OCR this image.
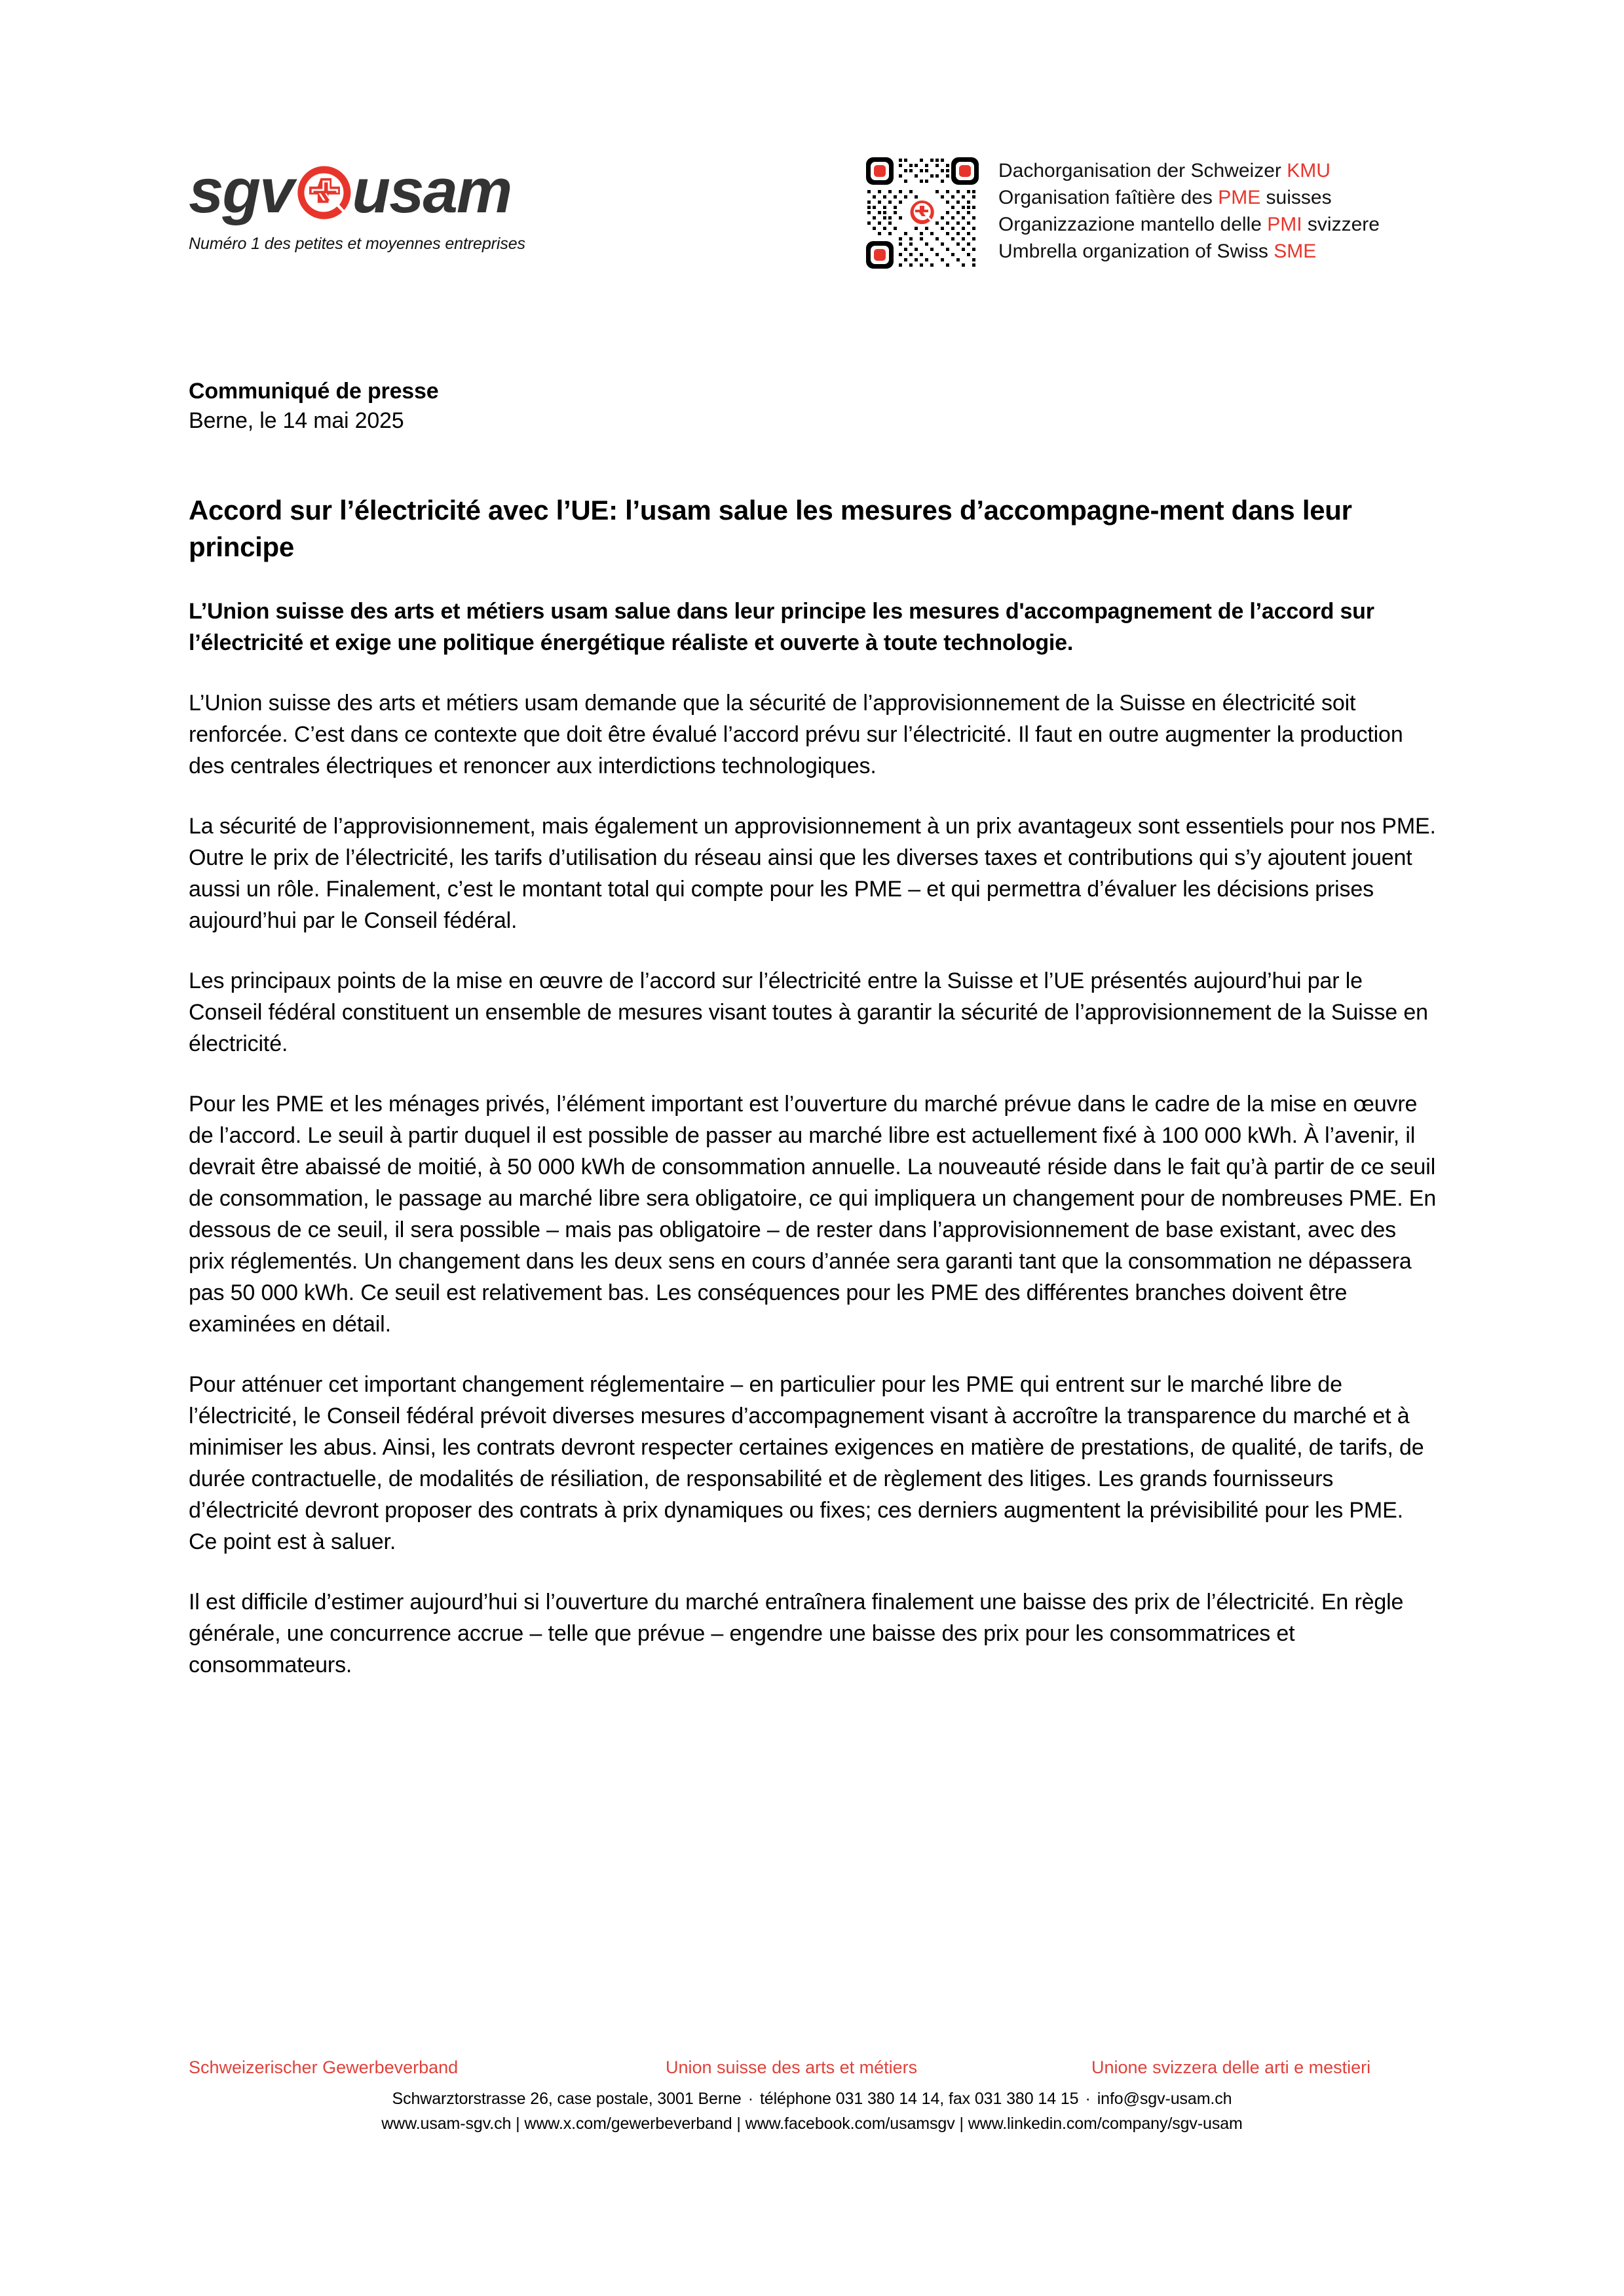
sgv usam
Numéro 1 des petites et moyennes entreprises
Dachorganisation der Schweizer KMU
Organisation faîtière des PME suisses
Organizzazione mantello delle PMI svizzere
Umbrella organization of Swiss SME
Communiqué de presse
Berne, le 14 mai 2025
Accord sur l’électricité avec l’UE: l’usam salue les mesures d’accompagne-ment dans leur principe

L’Union suisse des arts et métiers usam salue dans leur principe les mesures d'accompagnement de l’accord sur l’électricité et exige une politique énergétique réaliste et ouverte à toute technologie.

L’Union suisse des arts et métiers usam demande que la sécurité de l’approvisionnement de la Suisse en électricité soit renforcée. C’est dans ce contexte que doit être évalué l’accord prévu sur l’électricité. Il faut en outre augmenter la production des centrales électriques et renoncer aux interdictions technologiques.

La sécurité de l’approvisionnement, mais également un approvisionnement à un prix avantageux sont essentiels pour nos PME. Outre le prix de l’électricité, les tarifs d’utilisation du réseau ainsi que les diverses taxes et contributions qui s’y ajoutent jouent aussi un rôle. Finalement, c’est le montant total qui compte pour les PME – et qui permettra d’évaluer les décisions prises aujourd’hui par le Conseil fédéral.

Les principaux points de la mise en œuvre de l’accord sur l’électricité entre la Suisse et l’UE présentés aujourd’hui par le Conseil fédéral constituent un ensemble de mesures visant toutes à garantir la sécurité de l’approvisionnement de la Suisse en électricité.

Pour les PME et les ménages privés, l’élément important est l’ouverture du marché prévue dans le cadre de la mise en œuvre de l’accord. Le seuil à partir duquel il est possible de passer au marché libre est actuellement fixé à 100 000 kWh. À l’avenir, il devrait être abaissé de moitié, à 50 000 kWh de consommation annuelle. La nouveauté réside dans le fait qu’à partir de ce seuil de consommation, le passage au marché libre sera obligatoire, ce qui impliquera un changement pour de nombreuses PME. En dessous de ce seuil, il sera possible – mais pas obligatoire – de rester dans l’approvisionnement de base existant, avec des prix réglementés. Un changement dans les deux sens en cours d’année sera garanti tant que la consommation ne dépassera pas 50 000 kWh. Ce seuil est relativement bas. Les conséquences pour les PME des différentes branches doivent être examinées en détail.

Pour atténuer cet important changement réglementaire – en particulier pour les PME qui entrent sur le marché libre de l’électricité, le Conseil fédéral prévoit diverses mesures d’accompagnement visant à accroître la transparence du marché et à minimiser les abus. Ainsi, les contrats devront respecter certaines exigences en matière de prestations, de qualité, de tarifs, de durée contractuelle, de modalités de résiliation, de responsabilité et de règlement des litiges. Les grands fournisseurs d’électricité devront proposer des contrats à prix dynamiques ou fixes; ces derniers augmentent la prévisibilité pour les PME. Ce point est à saluer.

Il est difficile d’estimer aujourd’hui si l’ouverture du marché entraînera finalement une baisse des prix de l’électricité. En règle générale, une concurrence accrue – telle que prévue – engendre une baisse des prix pour les consommatrices et consommateurs.

Schweizerischer Gewerbeverband	Union suisse des arts et métiers	Unione svizzera delle arti e mestieri
Schwarztorstrasse 26, case postale, 3001 Berne · téléphone 031 380 14 14, fax 031 380 14 15 · info@sgv-usam.ch
www.usam-sgv.ch | www.x.com/gewerbeverband | www.facebook.com/usamsgv | www.linkedin.com/company/sgv-usam
